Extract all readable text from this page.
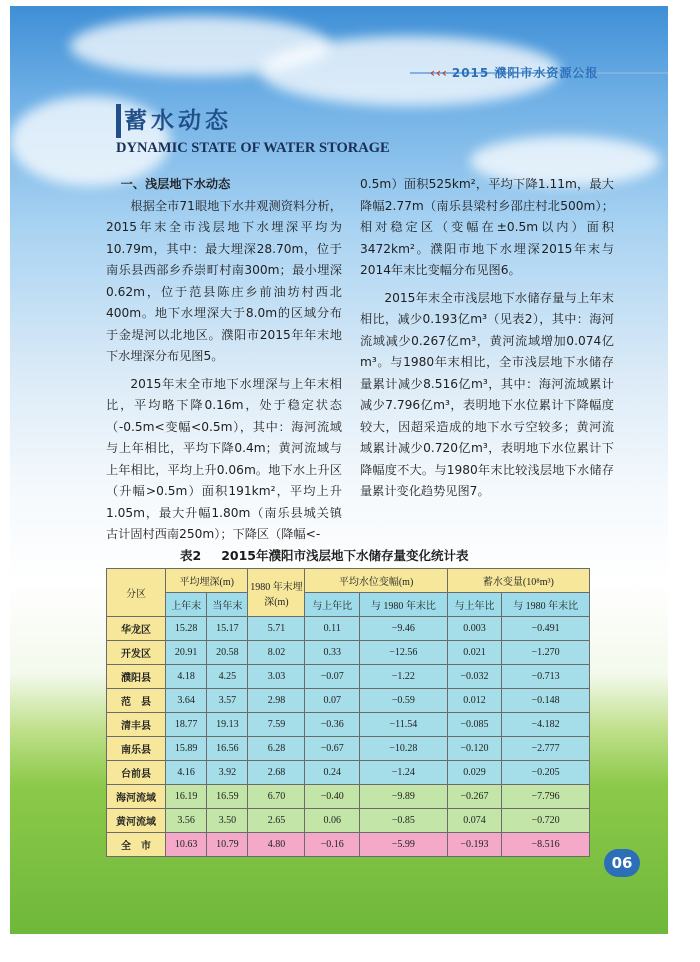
‹‹‹ 2015 濮阳市水资源公报
蓄水动态
DYNAMIC STATE OF WATER STORAGE
一、浅层地下水动态

根据全市71眼地下水井观测资料分析，2015年末全市浅层地下水埋深平均为10.79m，其中：最大埋深28.70m，位于南乐县西部乡乔崇町村南300m；最小埋深0.62m，位于范县陈庄乡前油坊村西北400m。地下水埋深大于8.0m的区域分布于金堤河以北地区。濮阳市2015年年末地下水埋深分布见图5。

2015年末全市地下水埋深与上年末相比，平均略下降0.16m，处于稳定状态（-0.5m<变幅<0.5m），其中：海河流域与上年相比，平均下降0.4m；黄河流域与上年相比，平均上升0.06m。地下水上升区（升幅>0.5m）面积191km²，平均上升1.05m，最大升幅1.80m（南乐县城关镇古计固村西南250m）；下降区（降幅<-

0.5m）面积525km²，平均下降1.11m，最大降幅2.77m（南乐县梁村乡邵庄村北500m）；相对稳定区（变幅在±0.5m以内）面积3472km²。濮阳市地下水埋深2015年末与2014年末比变幅分布见图6。

2015年末全市浅层地下水储存量与上年末相比，减少0.193亿m³（见表2），其中：海河流域减少0.267亿m³，黄河流域增加0.074亿m³。与1980年末相比，全市浅层地下水储存量累计减少8.516亿m³，其中：海河流域累计减少7.796亿m³，表明地下水位累计下降幅度较大，因超采造成的地下水亏空较多；黄河流域累计减少0.720亿m³，表明地下水位累计下降幅度不大。与1980年末比较浅层地下水储存量累计变化趋势见图7。

表2 2015年濮阳市浅层地下水储存量变化统计表
分区	平均埋深(m)		1980 年末埋深(m)	平均水位变幅(m)		蓄水变量(10⁸m³)	
	上年末	当年末		与上年比	与 1980 年末比	与上年比	与 1980 年末比
华龙区	15.28	15.17	5.71	0.11	−9.46	0.003	−0.491
开发区	20.91	20.58	8.02	0.33	−12.56	0.021	−1.270
濮阳县	4.18	4.25	3.03	−0.07	−1.22	−0.032	−0.713
范　县	3.64	3.57	2.98	0.07	−0.59	0.012	−0.148
清丰县	18.77	19.13	7.59	−0.36	−11.54	−0.085	−4.182
南乐县	15.89	16.56	6.28	−0.67	−10.28	−0.120	−2.777
台前县	4.16	3.92	2.68	0.24	−1.24	0.029	−0.205
海河流域	16.19	16.59	6.70	−0.40	−9.89	−0.267	−7.796
黄河流域	3.56	3.50	2.65	0.06	−0.85	0.074	−0.720
全　市	10.63	10.79	4.80	−0.16	−5.99	−0.193	−8.516
06
